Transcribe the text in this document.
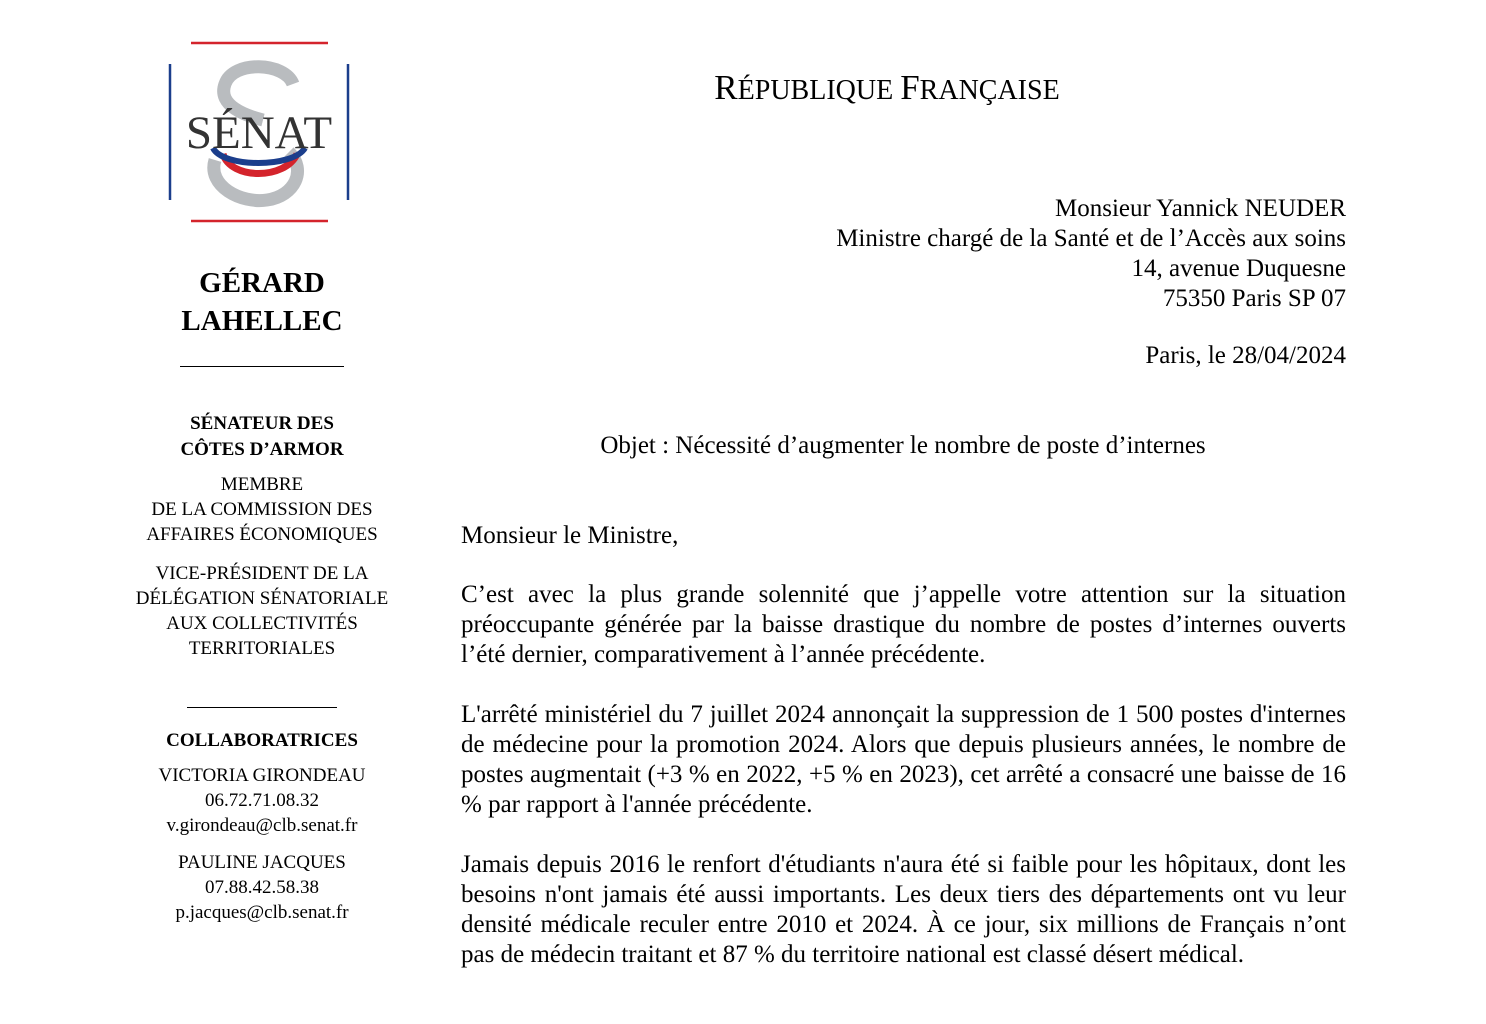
SÉNAT
GÉRARD
LAHELLEC
SÉNATEUR DES
CÔTES D’ARMOR
MEMBRE
DE LA COMMISSION DES
AFFAIRES ÉCONOMIQUES
VICE-PRÉSIDENT DE LA
DÉLÉGATION SÉNATORIALE
AUX COLLECTIVITÉS
TERRITORIALES
COLLABORATRICES
VICTORIA GIRONDEAU
06.72.71.08.32
v.girondeau@clb.senat.fr
PAULINE JACQUES
07.88.42.58.38
p.jacques@clb.senat.fr
RÉPUBLIQUE FRANÇAISE
Monsieur Yannick NEUDER
Ministre chargé de la Santé et de l’Accès aux soins
14, avenue Duquesne
75350 Paris SP 07
Paris, le 28/04/2024
Objet : Nécessité d’augmenter le nombre de poste d’internes

Monsieur le Ministre,

C’est avec la plus grande solennité que j’appelle votre attention sur la situation préoccupante générée par la baisse drastique du nombre de postes d’internes ouverts l’été dernier, comparativement à l’année précédente.

L'arrêté ministériel du 7 juillet 2024 annonçait la suppression de 1 500 postes d'internes de médecine pour la promotion 2024. Alors que depuis plusieurs années, le nombre de postes augmentait (+3 % en 2022, +5 % en 2023), cet arrêté a consacré une baisse de 16 % par rapport à l'année précédente.

Jamais depuis 2016 le renfort d'étudiants n'aura été si faible pour les hôpitaux, dont les besoins n'ont jamais été aussi importants. Les deux tiers des départements ont vu leur densité médicale reculer entre 2010 et 2024. À ce jour, six millions de Français n’ont pas de médecin traitant et 87 % du territoire national est classé désert médical.
